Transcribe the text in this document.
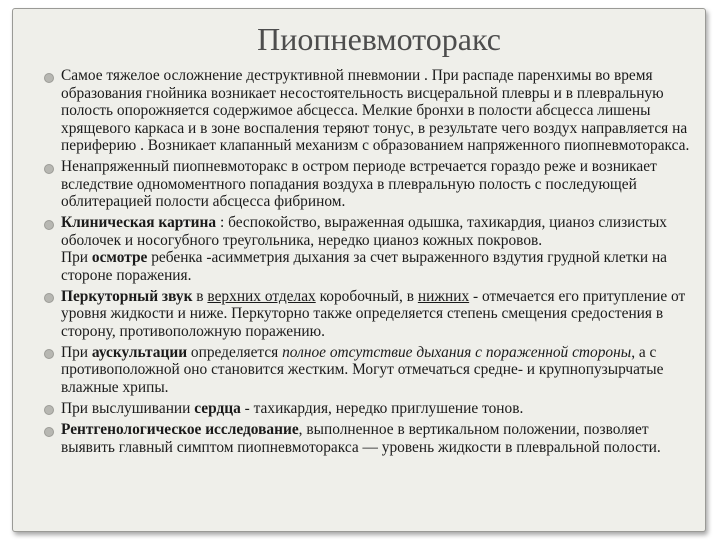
Пиопневмоторакс
Самое тяжелое осложнение деструктивной пневмонии . При распаде паренхимы во время образования гнойника возникает несостоятельность висцеральной плевры и в плевральную полость опорожняется содержимое абсцесса. Мелкие бронхи в полости абсцесса лишены хрящевого каркаса и в зоне воспаления теряют тонус, в результате чего воздух направляется на периферию . Возникает клапанный механизм с образованием напряженного пиопневмоторакса.
Ненапряженный пиопневмоторакс в остром периоде встречается гораздо реже и возникает вследствие одномоментного попадания воздуха в плевральную полость с последующей облитерацией полости абсцесса фибрином.
Клиническая картина : беспокойство, выраженная одышка, тахикардия, цианоз слизистых оболочек и носогубного треугольника, нередко цианоз кожных покровов.
При осмотре ребенка -асимметрия дыхания за счет выраженного вздутия грудной клетки на стороне поражения.
Перкуторный звук в верхних отделах коробочный, в нижних - отмечается его притупление от уровня жидкости и ниже. Перкуторно также определяется степень смещения средостения в сторону, противоположную поражению.
При аускультации определяется полное отсутствие дыхания с пораженной стороны, а с противоположной оно становится жестким. Могут отмечаться средне- и крупнопузырчатые влажные хрипы.
При выслушивании сердца - тахикардия, нередко приглушение тонов.
Рентгенологическое исследование, выполненное в вертикальном положении, позволяет выявить главный симптом пиопневмоторакса — уровень жидкости в плевральной полости.
